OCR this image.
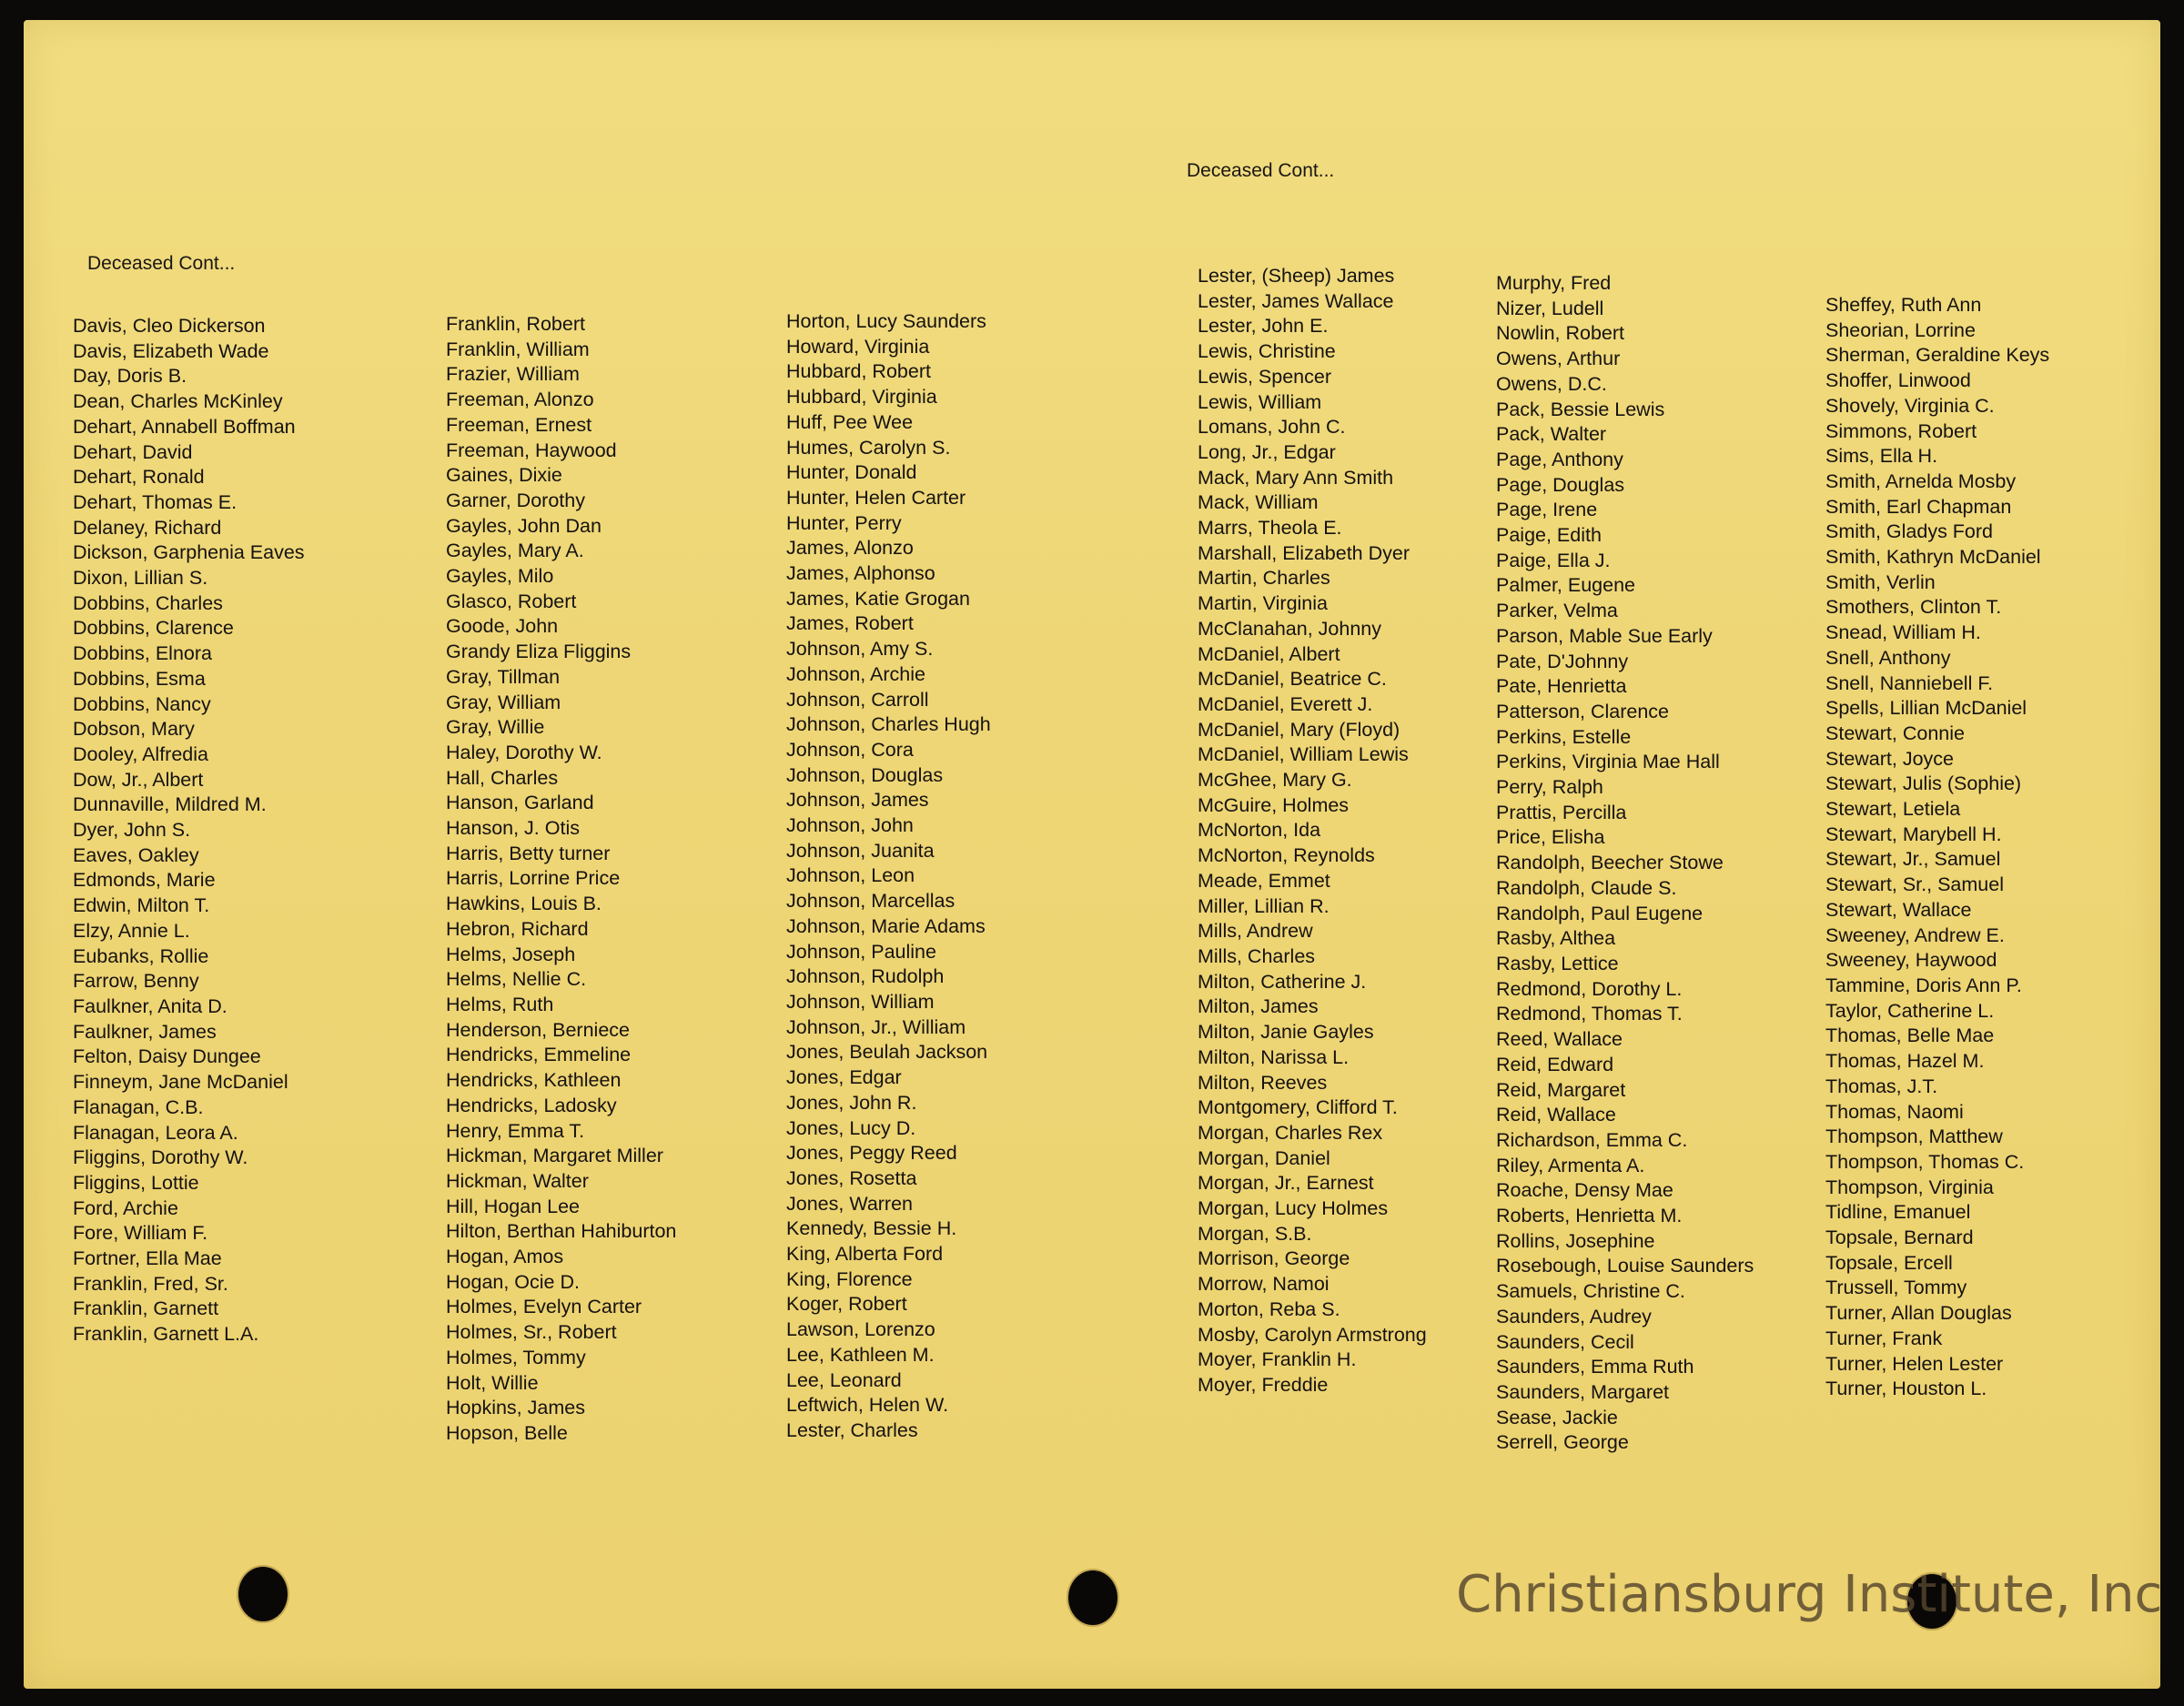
Deceased Cont...
Deceased Cont...
Davis, Cleo Dickerson
Davis, Elizabeth Wade
Day, Doris B.
Dean, Charles McKinley
Dehart, Annabell Boffman
Dehart, David
Dehart, Ronald
Dehart, Thomas E.
Delaney, Richard
Dickson, Garphenia Eaves
Dixon, Lillian S.
Dobbins, Charles
Dobbins, Clarence
Dobbins, Elnora
Dobbins, Esma
Dobbins, Nancy
Dobson, Mary
Dooley, Alfredia
Dow, Jr., Albert
Dunnaville, Mildred M.
Dyer, John S.
Eaves, Oakley
Edmonds, Marie
Edwin, Milton T.
Elzy, Annie L.
Eubanks, Rollie
Farrow, Benny
Faulkner, Anita D.
Faulkner, James
Felton, Daisy Dungee
Finneym, Jane McDaniel
Flanagan, C.B.
Flanagan, Leora A.
Fliggins, Dorothy W.
Fliggins, Lottie
Ford, Archie
Fore, William F.
Fortner, Ella Mae
Franklin, Fred, Sr.
Franklin, Garnett
Franklin, Garnett L.A.
Franklin, Robert
Franklin, William
Frazier, William
Freeman, Alonzo
Freeman, Ernest
Freeman, Haywood
Gaines, Dixie
Garner, Dorothy
Gayles, John Dan
Gayles, Mary A.
Gayles, Milo
Glasco, Robert
Goode, John
Grandy Eliza Fliggins
Gray, Tillman
Gray, William
Gray, Willie
Haley, Dorothy W.
Hall, Charles
Hanson, Garland
Hanson, J. Otis
Harris, Betty turner
Harris, Lorrine Price
Hawkins, Louis B.
Hebron, Richard
Helms, Joseph
Helms, Nellie C.
Helms, Ruth
Henderson, Berniece
Hendricks, Emmeline
Hendricks, Kathleen
Hendricks, Ladosky
Henry, Emma T.
Hickman, Margaret Miller
Hickman, Walter
Hill, Hogan Lee
Hilton, Berthan Hahiburton
Hogan, Amos
Hogan, Ocie D.
Holmes, Evelyn Carter
Holmes, Sr., Robert
Holmes, Tommy
Holt, Willie
Hopkins, James
Hopson, Belle
Horton, Lucy Saunders
Howard, Virginia
Hubbard, Robert
Hubbard, Virginia
Huff, Pee Wee
Humes, Carolyn S.
Hunter, Donald
Hunter, Helen Carter
Hunter, Perry
James, Alonzo
James, Alphonso
James, Katie Grogan
James, Robert
Johnson, Amy S.
Johnson, Archie
Johnson, Carroll
Johnson, Charles Hugh
Johnson, Cora
Johnson, Douglas
Johnson, James
Johnson, John
Johnson, Juanita
Johnson, Leon
Johnson, Marcellas
Johnson, Marie Adams
Johnson, Pauline
Johnson, Rudolph
Johnson, William
Johnson, Jr., William
Jones, Beulah Jackson
Jones, Edgar
Jones, John R.
Jones, Lucy D.
Jones, Peggy Reed
Jones, Rosetta
Jones, Warren
Kennedy, Bessie H.
King, Alberta Ford
King, Florence
Koger, Robert
Lawson, Lorenzo
Lee, Kathleen M.
Lee, Leonard
Leftwich, Helen W.
Lester, Charles
Lester, (Sheep) James
Lester, James Wallace
Lester, John E.
Lewis, Christine
Lewis, Spencer
Lewis, William
Lomans, John C.
Long, Jr., Edgar
Mack, Mary Ann Smith
Mack, William
Marrs, Theola E.
Marshall, Elizabeth Dyer
Martin, Charles
Martin, Virginia
McClanahan, Johnny
McDaniel, Albert
McDaniel, Beatrice C.
McDaniel, Everett J.
McDaniel, Mary (Floyd)
McDaniel, William Lewis
McGhee, Mary G.
McGuire, Holmes
McNorton, Ida
McNorton, Reynolds
Meade, Emmet
Miller, Lillian R.
Mills, Andrew
Mills, Charles
Milton, Catherine J.
Milton, James
Milton, Janie Gayles
Milton, Narissa L.
Milton, Reeves
Montgomery, Clifford T.
Morgan, Charles Rex
Morgan, Daniel
Morgan, Jr., Earnest
Morgan, Lucy Holmes
Morgan, S.B.
Morrison, George
Morrow, Namoi
Morton, Reba S.
Mosby, Carolyn Armstrong
Moyer, Franklin H.
Moyer, Freddie
Murphy, Fred
Nizer, Ludell
Nowlin, Robert
Owens, Arthur
Owens, D.C.
Pack, Bessie Lewis
Pack, Walter
Page, Anthony
Page, Douglas
Page, Irene
Paige, Edith
Paige, Ella J.
Palmer, Eugene
Parker, Velma
Parson, Mable Sue Early
Pate, D'Johnny
Pate, Henrietta
Patterson, Clarence
Perkins, Estelle
Perkins, Virginia Mae Hall
Perry, Ralph
Prattis, Percilla
Price, Elisha
Randolph, Beecher Stowe
Randolph, Claude S.
Randolph, Paul Eugene
Rasby, Althea
Rasby, Lettice
Redmond, Dorothy L.
Redmond, Thomas T.
Reed, Wallace
Reid, Edward
Reid, Margaret
Reid, Wallace
Richardson, Emma C.
Riley, Armenta A.
Roache, Densy Mae
Roberts, Henrietta M.
Rollins, Josephine
Rosebough, Louise Saunders
Samuels, Christine C.
Saunders, Audrey
Saunders, Cecil
Saunders, Emma Ruth
Saunders, Margaret
Sease, Jackie
Serrell, George
Sheffey, Ruth Ann
Sheorian, Lorrine
Sherman, Geraldine Keys
Shoffer, Linwood
Shovely, Virginia C.
Simmons, Robert
Sims, Ella H.
Smith, Arnelda Mosby
Smith, Earl Chapman
Smith, Gladys Ford
Smith, Kathryn McDaniel
Smith, Verlin
Smothers, Clinton T.
Snead, William H.
Snell, Anthony
Snell, Nanniebell F.
Spells, Lillian McDaniel
Stewart, Connie
Stewart, Joyce
Stewart, Julis (Sophie)
Stewart, Letiela
Stewart, Marybell H.
Stewart, Jr., Samuel
Stewart, Sr., Samuel
Stewart, Wallace
Sweeney, Andrew E.
Sweeney, Haywood
Tammine, Doris Ann P.
Taylor, Catherine L.
Thomas, Belle Mae
Thomas, Hazel M.
Thomas, J.T.
Thomas, Naomi
Thompson, Matthew
Thompson, Thomas C.
Thompson, Virginia
Tidline, Emanuel
Topsale, Bernard
Topsale, Ercell
Trussell, Tommy
Turner, Allan Douglas
Turner, Frank
Turner, Helen Lester
Turner, Houston L.
Christiansburg Institute, Inc
